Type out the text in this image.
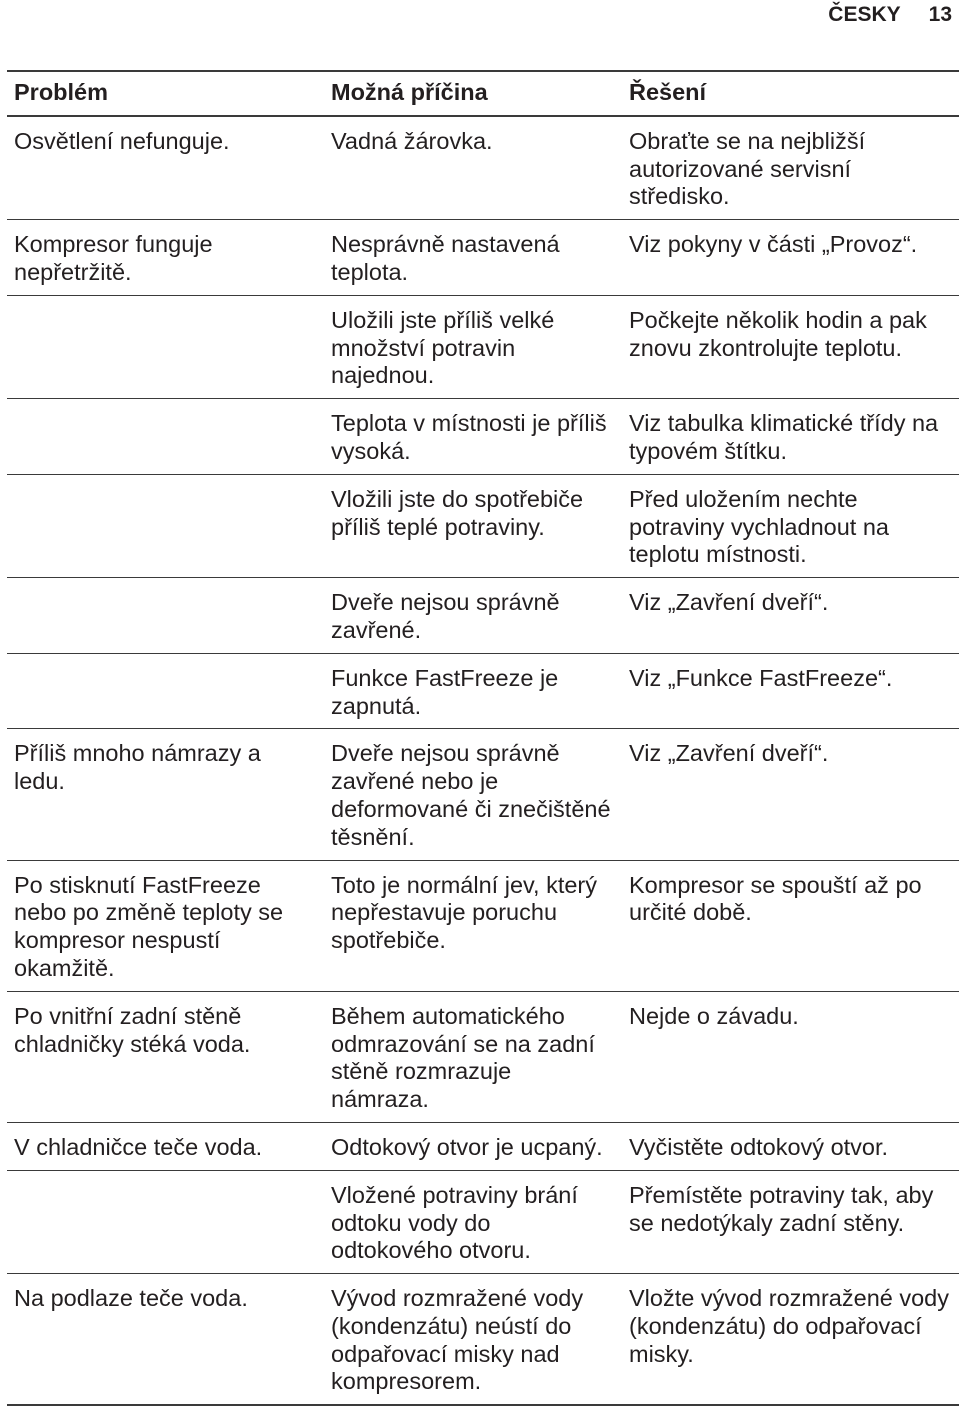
ČESKY 13
Problém	Možná příčina	Řešení
Osvětlení nefunguje.	Vadná žárovka.	Obraťte se na nejbližší autorizované servisní středisko.
Kompresor funguje nepřetržitě.	Nesprávně nastavená teplota.	Viz pokyny v části „Provoz“.
	Uložili jste příliš velké množství potravin najednou.	Počkejte několik hodin a pak znovu zkontrolujte teplotu.
	Teplota v místnosti je příliš vysoká.	Viz tabulka klimatické třídy na typovém štítku.
	Vložili jste do spotřebiče příliš teplé potraviny.	Před uložením nechte potraviny vychladnout na teplotu místnosti.
	Dveře nejsou správně zavřené.	Viz „Zavření dveří“.
	Funkce FastFreeze je zapnutá.	Viz „Funkce FastFreeze“.
Příliš mnoho námrazy a ledu.	Dveře nejsou správně zavřené nebo je deformované či znečištěné těsnění.	Viz „Zavření dveří“.
Po stisknutí FastFreeze nebo po změně teploty se kompresor nespustí okamžitě.	Toto je normální jev, který nepřestavuje poruchu spotřebiče.	Kompresor se spouští až po určité době.
Po vnitřní zadní stěně chladničky stéká voda.	Během automatického odmrazování se na zadní stěně rozmrazuje námraza.	Nejde o závadu.
V chladničce teče voda.	Odtokový otvor je ucpaný.	Vyčistěte odtokový otvor.
	Vložené potraviny brání odtoku vody do odtokového otvoru.	Přemístěte potraviny tak, aby se nedotýkaly zadní stěny.
Na podlaze teče voda.	Vývod rozmražené vody (kondenzátu) neústí do odpařovací misky nad kompresorem.	Vložte vývod rozmražené vody (kondenzátu) do odpařovací misky.
